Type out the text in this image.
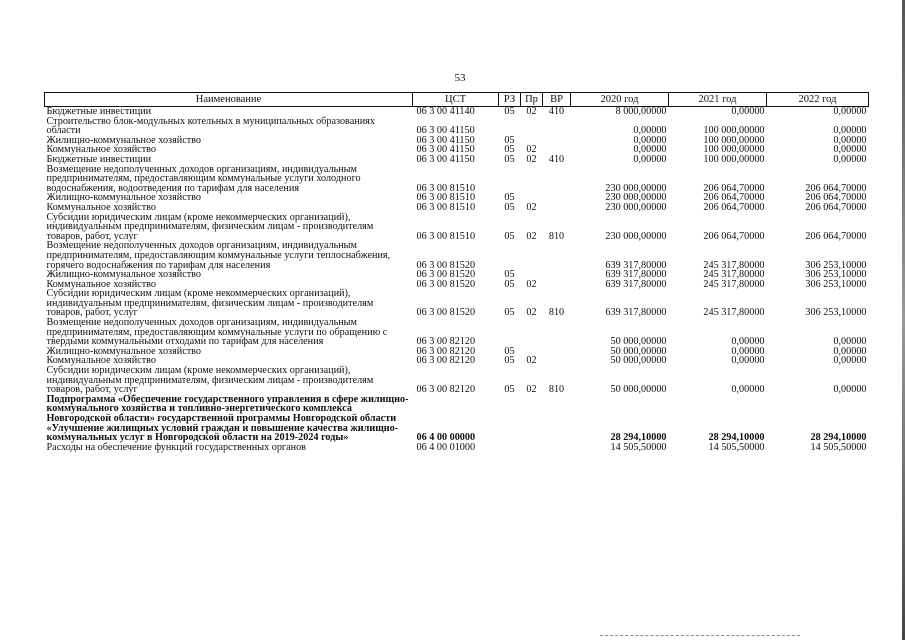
53
Наименование	ЦСТ	РЗ	Пр	ВР	2020 год	2021 год	2022 год
Бюджетные инвестиции	06 3 00 41140	05	02	410	8 000,00000	0,00000	0,00000
Строительство блок-модульных котельных в муниципальных образованиях области	06 3 00 41150				0,00000	100 000,00000	0,00000
Жилищно-коммунальное хозяйство	06 3 00 41150	05			0,00000	100 000,00000	0,00000
Коммунальное хозяйство	06 3 00 41150	05	02		0,00000	100 000,00000	0,00000
Бюджетные инвестиции	06 3 00 41150	05	02	410	0,00000	100 000,00000	0,00000
Возмещение недополученных доходов организациям, индивидуальным предпринимателям, предоставляющим коммунальные услуги холодного водоснабжения, водоотведения по тарифам для населения	06 3 00 81510				230 000,00000	206 064,70000	206 064,70000
Жилищно-коммунальное хозяйство	06 3 00 81510	05			230 000,00000	206 064,70000	206 064,70000
Коммунальное хозяйство	06 3 00 81510	05	02		230 000,00000	206 064,70000	206 064,70000
Субсидии юридическим лицам (кроме некоммерческих организаций), индивидуальным предпринимателям, физическим лицам - производителям товаров, работ, услуг	06 3 00 81510	05	02	810	230 000,00000	206 064,70000	206 064,70000
Возмещение недополученных доходов организациям, индивидуальным предпринимателям, предоставляющим коммунальные услуги теплоснабжения, горячего водоснабжения по тарифам для населения	06 3 00 81520				639 317,80000	245 317,80000	306 253,10000
Жилищно-коммунальное хозяйство	06 3 00 81520	05			639 317,80000	245 317,80000	306 253,10000
Коммунальное хозяйство	06 3 00 81520	05	02		639 317,80000	245 317,80000	306 253,10000
Субсидии юридическим лицам (кроме некоммерческих организаций), индивидуальным предпринимателям, физическим лицам - производителям товаров, работ, услуг	06 3 00 81520	05	02	810	639 317,80000	245 317,80000	306 253,10000
Возмещение недополученных доходов организациям, индивидуальным предпринимателям, предоставляющим коммунальные услуги по обращению с твердыми коммунальными отходами по тарифам для населения	06 3 00 82120				50 000,00000	0,00000	0,00000
Жилищно-коммунальное хозяйство	06 3 00 82120	05			50 000,00000	0,00000	0,00000
Коммунальное хозяйство	06 3 00 82120	05	02		50 000,00000	0,00000	0,00000
Субсидии юридическим лицам (кроме некоммерческих организаций), индивидуальным предпринимателям, физическим лицам - производителям товаров, работ, услуг	06 3 00 82120	05	02	810	50 000,00000	0,00000	0,00000
Подпрограмма «Обеспечение государственного управления в сфере жилищно-коммунального хозяйства и топливно-энергетического комплекса Новгородской области» государственной программы Новгородской области «Улучшение жилищных условий граждан и повышение качества жилищно-коммунальных услуг в Новгородской области на 2019-2024 годы»	06 4 00 00000				28 294,10000	28 294,10000	28 294,10000
Расходы на обеспечение функций государственных органов	06 4 00 01000				14 505,50000	14 505,50000	14 505,50000
